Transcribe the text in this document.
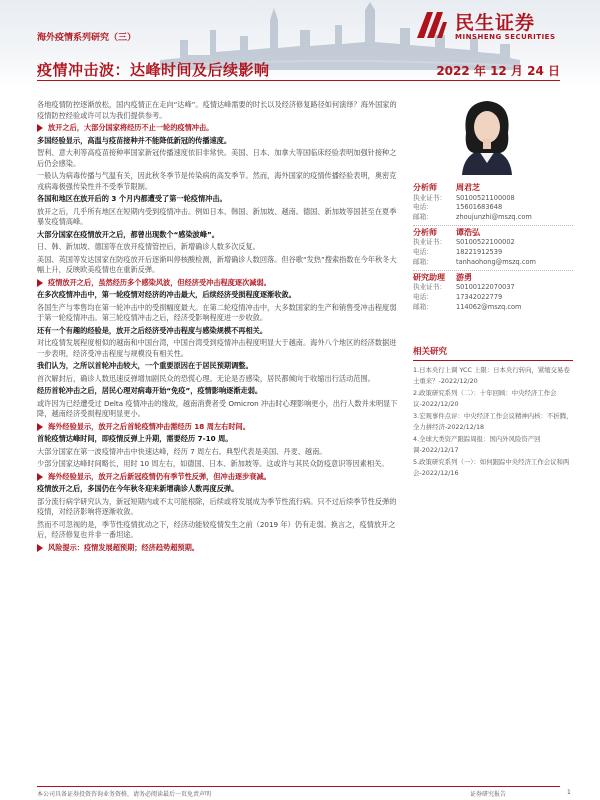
海外疫情系列研究（三）
疫情冲击波：达峰时间及后续影响	2022 年 12 月 24 日
民生证券
MINSHENG SECURITIES
各地疫情防控逐渐放松，国内疫情正在走向“达峰”。疫情达峰需要的时长以及经济修复路径如何演绎？海外国家的疫情防控经验或许可以为我们提供参考。
放开之后，大部分国家将经历不止一轮的疫情冲击。
多国经验显示，高温与疫苗接种并不能降低新冠的传播速度。
智利、意大利等高疫苗接种率国家新冠传播速度依旧非常快。美国、日本、加拿大等国临床经验表明加强针接种之后仍会感染。
一般认为病毒传播与气温有关，因此秋冬季节是传染病的高发季节。然而，海外国家的疫情传播经验表明，奥密克戎病毒极强传染性并不受季节限制。
各国和地区在放开后的 3 个月内都遭受了第一轮疫情冲击。
放开之后，几乎所有地区在短期内受到疫情冲击。例如日本、韩国、新加坡、越南。德国、新加坡等国甚至在夏季暴发疫情高峰。
大部分国家在疫情放开之后，都曾出现数个“感染波峰”。
日、韩、新加坡、德国等在放开疫情管控后，新增确诊人数多次反复。
美国、英国等发达国家在防疫放开后逐渐叫停核酸检测，新增确诊人数回落。但谷歌“发热”搜索指数在今年秋冬大幅上升，反映欧美疫情也在重新反弹。
疫情放开之后，虽然经历多个感染风波，但经济受冲击程度逐次减弱。
在多次疫情冲击中，第一轮疫情对经济的冲击最大，后续经济受损程度逐渐收敛。
各国生产与零售均在第一轮冲击中的受损幅度最大。在第二轮疫情冲击中，大多数国家的生产和销售受冲击程度弱于第一轮疫情冲击。第三轮疫情冲击之后，经济受影响程度进一步收敛。
还有一个有趣的经验是，放开之后经济受冲击程度与感染规模不再相关。
对比疫情发展程度相似的越南和中国台湾，中国台湾受到疫情冲击程度明显大于越南。海外八个地区的经济数据进一步表明，经济受冲击程度与规模没有相关性。
我们认为，之所以首轮冲击较大，一个重要原因在于居民预期调整。
首次解封后，确诊人数迅速反弹增加剧民众的恐慌心理。无论是否感染，居民都倾向于收缩出行活动范围。
经历首轮冲击之后，居民心理对病毒开始“免疫”，疫情影响逐渐走弱。
或许因为已经遭受过 Delta 疫情冲击的缘故，越南消费者受 Omicron 冲击时心理影响更小，出行人数并未明显下降，越南经济受损程度明显更小。
海外经验显示，放开之后首轮疫情冲击需经历 18 周左右时间。
首轮疫情达峰时间，即疫情反弹上升期，需要经历 7-10 周。
大部分国家在第一波疫情冲击中快速达峰，经历 7 周左右。典型代表是美国、丹麦、越南。
少部分国家达峰时间略长，用时 10 周左右，如德国、日本、新加坡等。这或许与其民众防疫意识等因素相关。
海外经验显示，放开之后新冠疫情仍有季节性反弹，但冲击逐步衰减。
疫情放开之后，多国仍在今年秋冬迎来新增确诊人数再度反弹。
部分流行病学研究认为，新冠短期内或不太可能根除，后续或将发展成为季节性流行病。只不过后续季节性反弹的疫情，对经济影响将逐渐收敛。
然而不可忽视的是，季节性疫情扰动之下，经济动能较疫情发生之前（2019 年）仍有走弱。换言之，疫情放开之后，经济修复也并非一番坦途。
风险提示：疫情发展超预期；经济趋势超预期。
分析师	周君芝
执业证书：	S0100521100008
电话：	15601683648
邮箱：	zhoujunzhi@mszq.com
分析师	谭浩弘
执业证书：	S0100522100002
电话：	18221912539
邮箱：	tanhaohong@mszq.com
研究助理	游勇
执业证书：	S0100122070037
电话：	17342022779
邮箱：	114062@mszq.com
相关研究
1.日本央行上调 YCC 上限：日本央行转向，紧缩交易卷土重来？-2022/12/20
2.政策研究系列（二）：十年回顾：中央经济工作会议-2022/12/20
3.宏观事件点评：中央经济工作会议精神内核：不折腾，全力拼经济-2022/12/18
4.全球大类资产跟踪周报：国内外风险资产回调-2022/12/17
5.政策研究系列（一）：如何跟踪中央经济工作会议和两会-2022/12/16
本公司具备证券投资咨询业务资格，请务必阅读最后一页免责声明	证券研究报告	1
